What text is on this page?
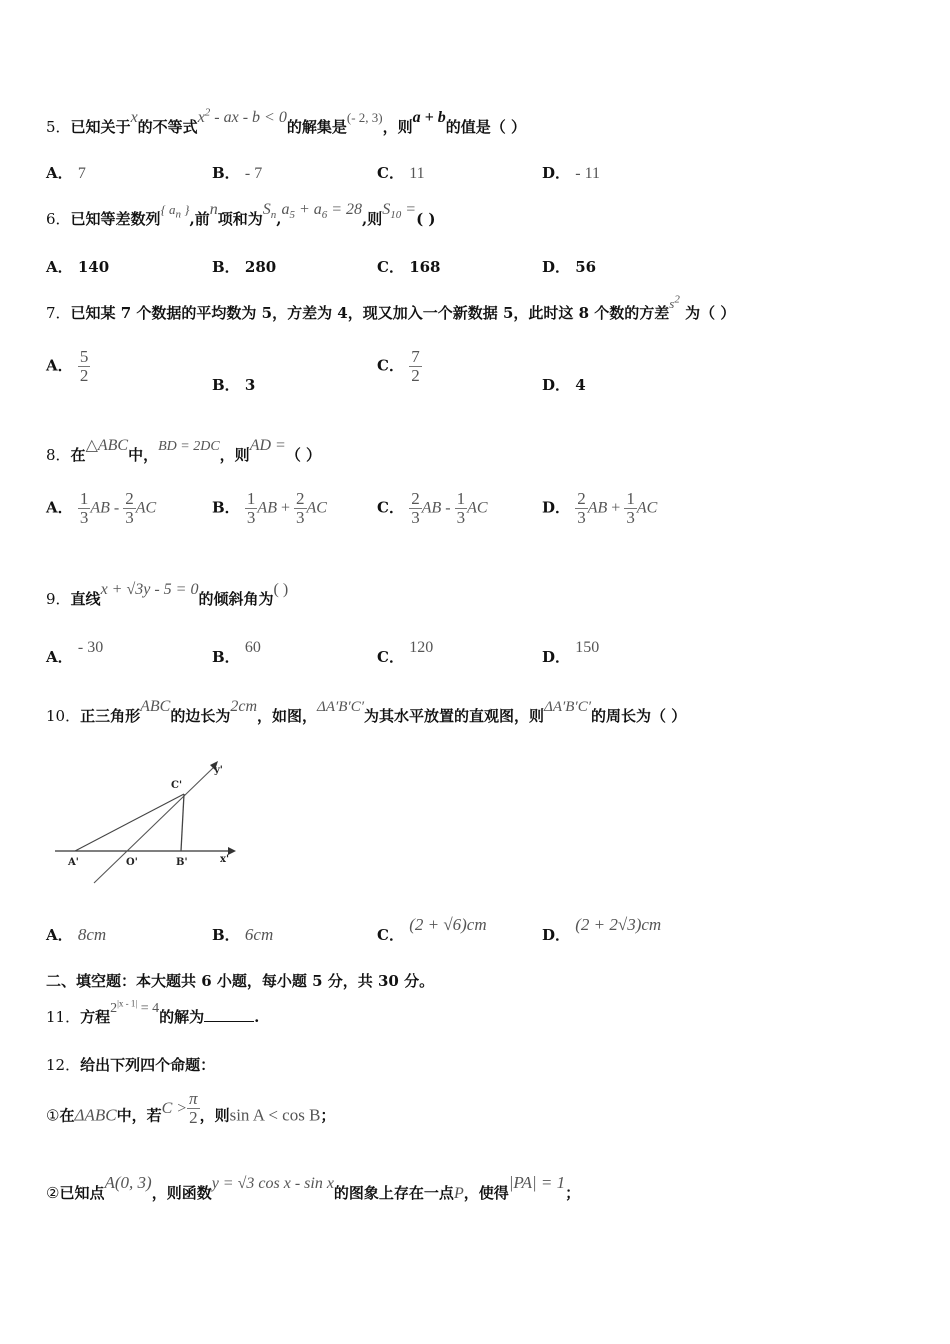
5．已知关于x的不等式$x^2$ - ax - b < 0的解集是(- 2, 3)，则a + b的值是（ ）
A． 7	B． - 7	C． 11	D． - 11
6．已知等差数列{ $a_n$ },前n项和为$S_n,a_5 + a_6 = 28$,则$S_{10}$ =( )
A． 140	B． 280	C． 168	D． 56
7．已知某 7 个数据的平均数为 5，方差为 4，现又加入一个新数据 5，此时这 8 个数的方差$s^2$ 为（ ）
A． $\frac{5}{2}$	B． 3
C． $\frac{7}{2}$	D． 4
8．在△ABC中，BD = 2DC，则AD =（ ）
A． $\frac{1}{3}$ AB - $\frac{2}{3}$ AC	B． $\frac{1}{3}$ AB + $\frac{2}{3}$ AC	C． $\frac{2}{3}$ AB - $\frac{1}{3}$ AC	D． $\frac{2}{3}$ AB + $\frac{1}{3}$ AC
9．直线x + √3y - 5 = 0的倾斜角为( )
A． - 30
B． 60
C． 120
D． 150
10．正三角形ABC的边长为2cm，如图，ΔA′B′C′为其水平放置的直观图，则ΔA′B′C′的周长为（ ）
C'
y'
A'	O'	B'	x'
A． 8cm	B． 6cm	C． (2 + √6)cm
D． (2 + 2√3)cm
二、填空题：本大题共 6 小题，每小题 5 分，共 30 分。
11．方程$2^{|x - 1|} = 4$的解为	.
12．给出下列四个命题：
①在ΔABC中，若$C > \frac{\pi}{2}$ ，则sin A < cos B；
②已知点A(0, 3)，则函数y = √3 cos x - sin x的图象上存在一点P，使得|PA| = 1；
